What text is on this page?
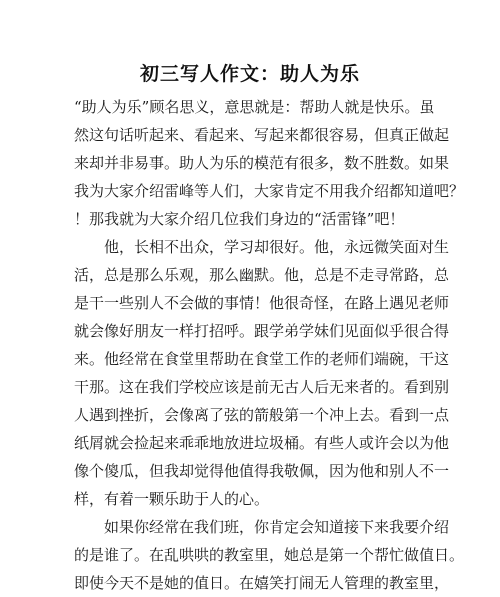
初三写人作文：助人为乐
“助人为乐”顾名思义，意思就是：帮助人就是快乐。虽
然这句话听起来、看起来、写起来都很容易，但真正做起
来却并非易事。助人为乐的模范有很多，数不胜数。如果
我为大家介绍雷峰等人们，大家肯定不用我介绍都知道吧？
！那我就为大家介绍几位我们身边的“活雷锋”吧！
他，长相不出众，学习却很好。他，永远微笑面对生
活，总是那么乐观，那么幽默。他，总是不走寻常路，总
是干一些别人不会做的事情！他很奇怪，在路上遇见老师
就会像好朋友一样打招呼。跟学弟学妹们见面似乎很合得
来。他经常在食堂里帮助在食堂工作的老师们端碗，干这
干那。这在我们学校应该是前无古人后无来者的。看到别
人遇到挫折，会像离了弦的箭般第一个冲上去。看到一点
纸屑就会捡起来乖乖地放进垃圾桶。有些人或许会以为他
像个傻瓜，但我却觉得他值得我敬佩，因为他和别人不一
样，有着一颗乐助于人的心。
如果你经常在我们班，你肯定会知道接下来我要介绍
的是谁了。在乱哄哄的教室里，她总是第一个帮忙做值日。
即使今天不是她的值日。在嬉笑打闹无人管理的教室里，
